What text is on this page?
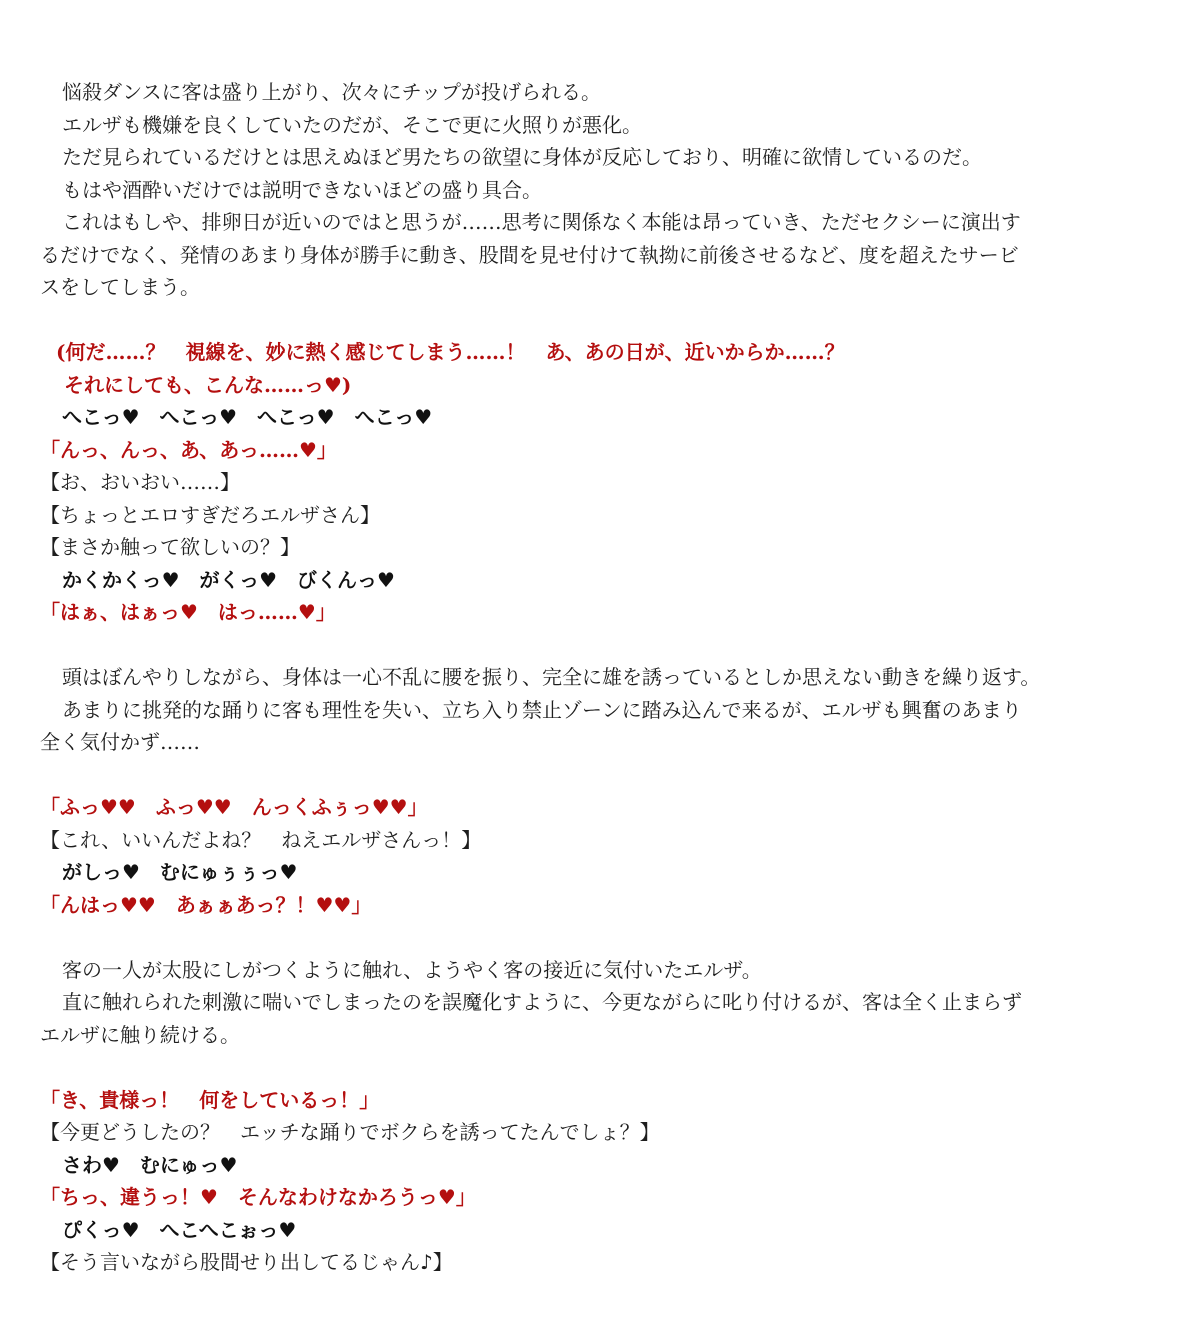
悩殺ダンスに客は盛り上がり、次々にチップが投げられる。
エルザも機嫌を良くしていたのだが、そこで更に火照りが悪化。
ただ見られているだけとは思えぬほど男たちの欲望に身体が反応しており、明確に欲情しているのだ。
もはや酒酔いだけでは説明できないほどの盛り具合。
これはもしや、排卵日が近いのではと思うが……思考に関係なく本能は昂っていき、ただセクシーに演出す
るだけでなく、発情のあまり身体が勝手に動き、股間を見せ付けて執拗に前後させるなど、度を超えたサービ
スをしてしまう。
(何だ……？　視線を、妙に熱く感じてしまう……！　あ、あの日が、近いからか……？
それにしても、こんな……っ♥)
へこっ♥　へこっ♥　へこっ♥　へこっ♥
「んっ、んっ、あ、あっ……♥」
【お、おいおい……】
【ちょっとエロすぎだろエルザさん】
【まさか触って欲しいの？】
かくかくっ♥　がくっ♥　びくんっ♥
「はぁ、はぁっ♥　はっ……♥」
頭はぼんやりしながら、身体は一心不乱に腰を振り、完全に雄を誘っているとしか思えない動きを繰り返す。
あまりに挑発的な踊りに客も理性を失い、立ち入り禁止ゾーンに踏み込んで来るが、エルザも興奮のあまり
全く気付かず……
「ふっ♥♥　ふっ♥♥　んっくふぅっ♥♥」
【これ、いいんだよね？　ねえエルザさんっ！】
がしっ♥　むにゅぅぅっ♥
「んはっ♥♥　あぁぁあっ？！♥♥」
客の一人が太股にしがつくように触れ、ようやく客の接近に気付いたエルザ。
直に触れられた刺激に喘いでしまったのを誤魔化すように、今更ながらに叱り付けるが、客は全く止まらず
エルザに触り続ける。
「き、貴様っ！　何をしているっ！」
【今更どうしたの？　エッチな踊りでボクらを誘ってたんでしょ？】
さわ♥　むにゅっ♥
「ちっ、違うっ！♥　そんなわけなかろうっ♥」
ぴくっ♥　へこへこぉっ♥
【そう言いながら股間せり出してるじゃん♪】
